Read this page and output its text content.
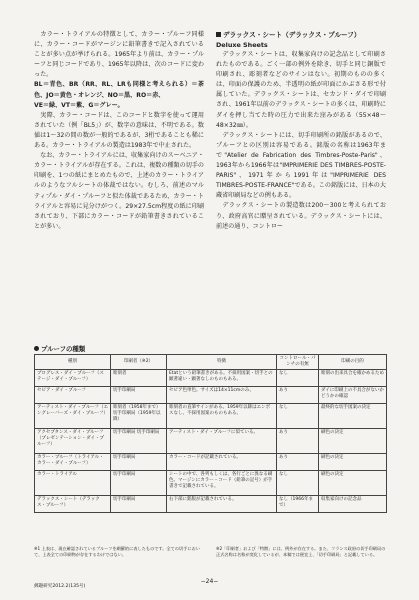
　カラー・トライアルの特徴として、カラー・プルーフ同様に、カラー・コードがマージンに鉛筆書きで記入されていることが多い点が挙げられる。1965年より前は、カラー・プルーフと同じコードであり、1965年以降は、次のコードに変わった。

BL＝青色、BR（RR、RL、LRも同様と考えられる）＝茶色、JO＝黄色・オレンジ、NO＝黒、RO＝赤、

VE＝緑、VT＝紫、G＝グレー。

　実際、カラー・コードは、このコードと数字を使って運用されていた（例「BL5」）が、数字の意味は、不明である。数値は1〜32の間の数が一般的であるが、3桁であることも稀にある。カラー・トライアルの製造は1983年で中止された。

　なお、カラー・トライアルには、収集家向けのスーベニア・カラー・トライアルが存在する。これは、複数の種類の切手の印刷を、1つの紙にまとめたもので、上述のカラー・トライアルのようなフルシートの体裁ではない。むしろ、前述のマルティプル・ダイ・プルーフと似た体裁であるため、カラー・トライアルと容易に見分けがつく。29×27.5cm程度の紙に印刷されており、下部にカラー・コードが鉛筆書きされていることが多い。

デラックス・シート（デラックス・プルーフ）

Deluxe Sheets

　デラックス・シートは、収集家向けの記念品として印刷されたものである。ごく一部の例外を除き、切手と同じ銅版で印刷され、彫刻者などのサインはない。初期のものの多くは、印面の保護のため、半透明の紙が印面にかぶさる形で付属していた。デラックス・シートは、セカンド・ダイで印刷され、1961年以前のデラックス・シートの多くは、印刷時にダイを押し当てた時の圧力で出来た窪みがある（55×48〜48×32㎜）。

　デラックス・シートには、切手印刷所の銘版があるので、プルーフとの区別は容易である。銘版の名称は1963年まで"Atelier de Fabrication des Timbres-Poste-Paris"、1963年から1966年は"IMPRIMERIE DES TIMBRES-POSTE-PARIS"、1971年から1991年は"IMPRIMERIE DES TIMBRES-POSTE-FRANCE"である。この銘版には、日本の大蔵省印刷局などの例もある。

　デラックス・シートの製造数は200〜300と考えられており、政府高官に贈呈されている。デラックス・シートには、前述の通り、コントロー

プルーフの種類
種別	印刷者（※2）	特徴	コントロール・パンチの有無	印刷の目的
プログレス・ダイ・プルーフ（ステージ・ダイ・プルーフ）	彫刻者	Etatという鉛筆書きがある。不採用図案・切手との顕著違い・顕著なしのものもある。	なし	彫刻の出来具合を確かめるため
セピア・ダイ・プルーフ	切手印刷局	セピア色単色。サイズは14×11cmのみ。	あり	ダイに印刷上の不具合がないかどうかの確認
アーティスト・ダイ・プルーフ（エングレーバーズ・ダイ・プルーフ）	彫刻者（1958年まで）切手印刷局（1959年以降）	彫刻者の直筆サインがある。1959年以降はエンボスなし、不採用図案のものもある。	なし	最終的な切手図案の決定
アクセプタンス・ダイ・プルーフ（プレゼンテーション・ダイ・プルーフ）	切手印刷局 切手印刷局	アーティスト・ダイ・プルーフに似ている。	あり	刷色の決定
カラー・プルーフ（トライアル・カラー・ダイ・プルーフ）	切手印刷局	カラー・コードが記載されている。	あり	刷色の決定
カラー・トライアル	切手印刷局	シートの中で、各列もしくは、各行ごとに異なる刷色。マージンにカラー・コード（鉛筆の記号）が手書きで記載されている。	なし	刷色の決定
デラックス・シート（デラックス・プルーフ）	切手印刷局	右下部に銘版が記載されている。	なし（1966年まで）	収集家向けの記念品
※1 上表は、現在確認されているプルーフを網羅的に表したものです。全ての切手において、上表全ての印刷物が存在するわけではない。
※2「印刷者」および「特徴」には、例外が存在する。また、フランス政府の切手印刷局の正式名称は名称が変化しているが、本稿では便宜上、「切手印刷局」と記載している。
−24−
郵趣研究2012.2(135号)
